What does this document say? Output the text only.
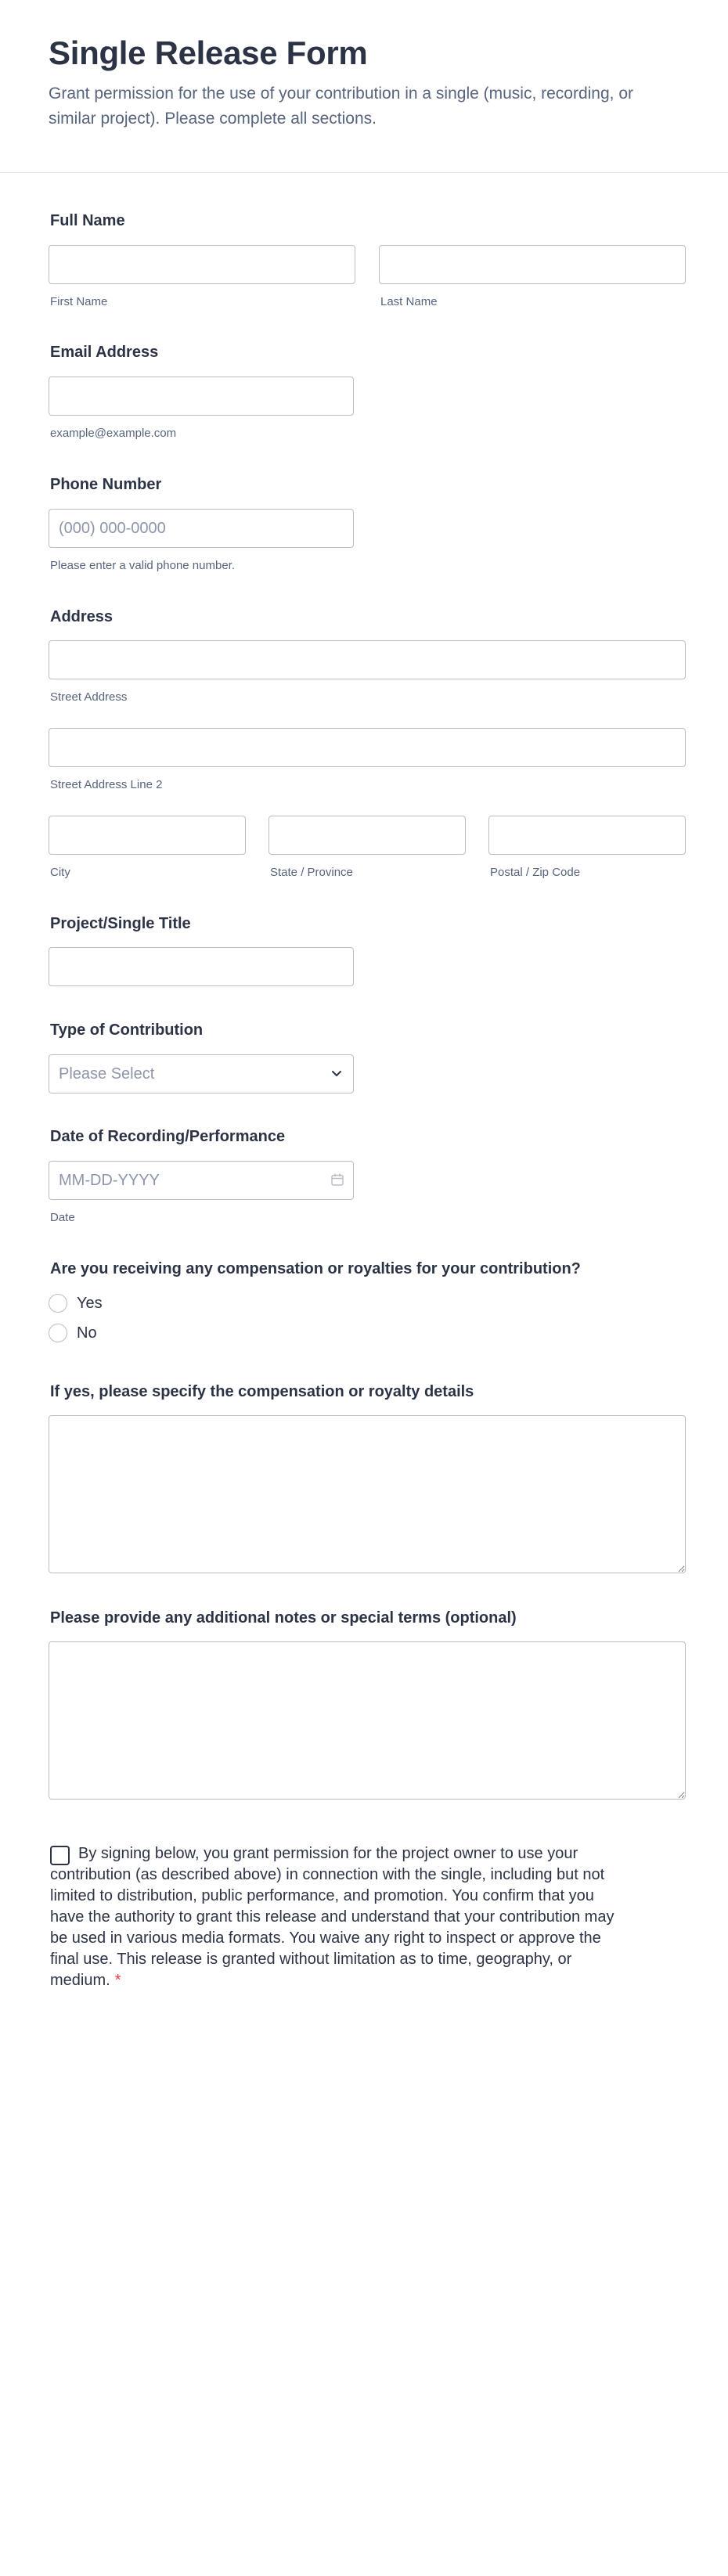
Single Release Form

Grant permission for the use of your contribution in a single (music, recording, or similar project). Please complete all sections.

Full Name
First Name	Last Name
Email Address
example@example.com
Phone Number
(000) 000-0000
Please enter a valid phone number.
Address
Street Address
Street Address Line 2
City	State / Province	Postal / Zip Code
Project/Single Title
Type of Contribution
Please Select
Date of Recording/Performance
MM-DD-YYYY
Date
Are you receiving any compensation or royalties for your contribution?
Yes
No
If yes, please specify the compensation or royalty details
Please provide any additional notes or special terms (optional)

By signing below, you grant permission for the project owner to use your contribution (as described above) in connection with the single, including but not limited to distribution, public performance, and promotion. You confirm that you have the authority to grant this release and understand that your contribution may be used in various media formats. You waive any right to inspect or approve the final use. This release is granted without limitation as to time, geography, or medium. *
